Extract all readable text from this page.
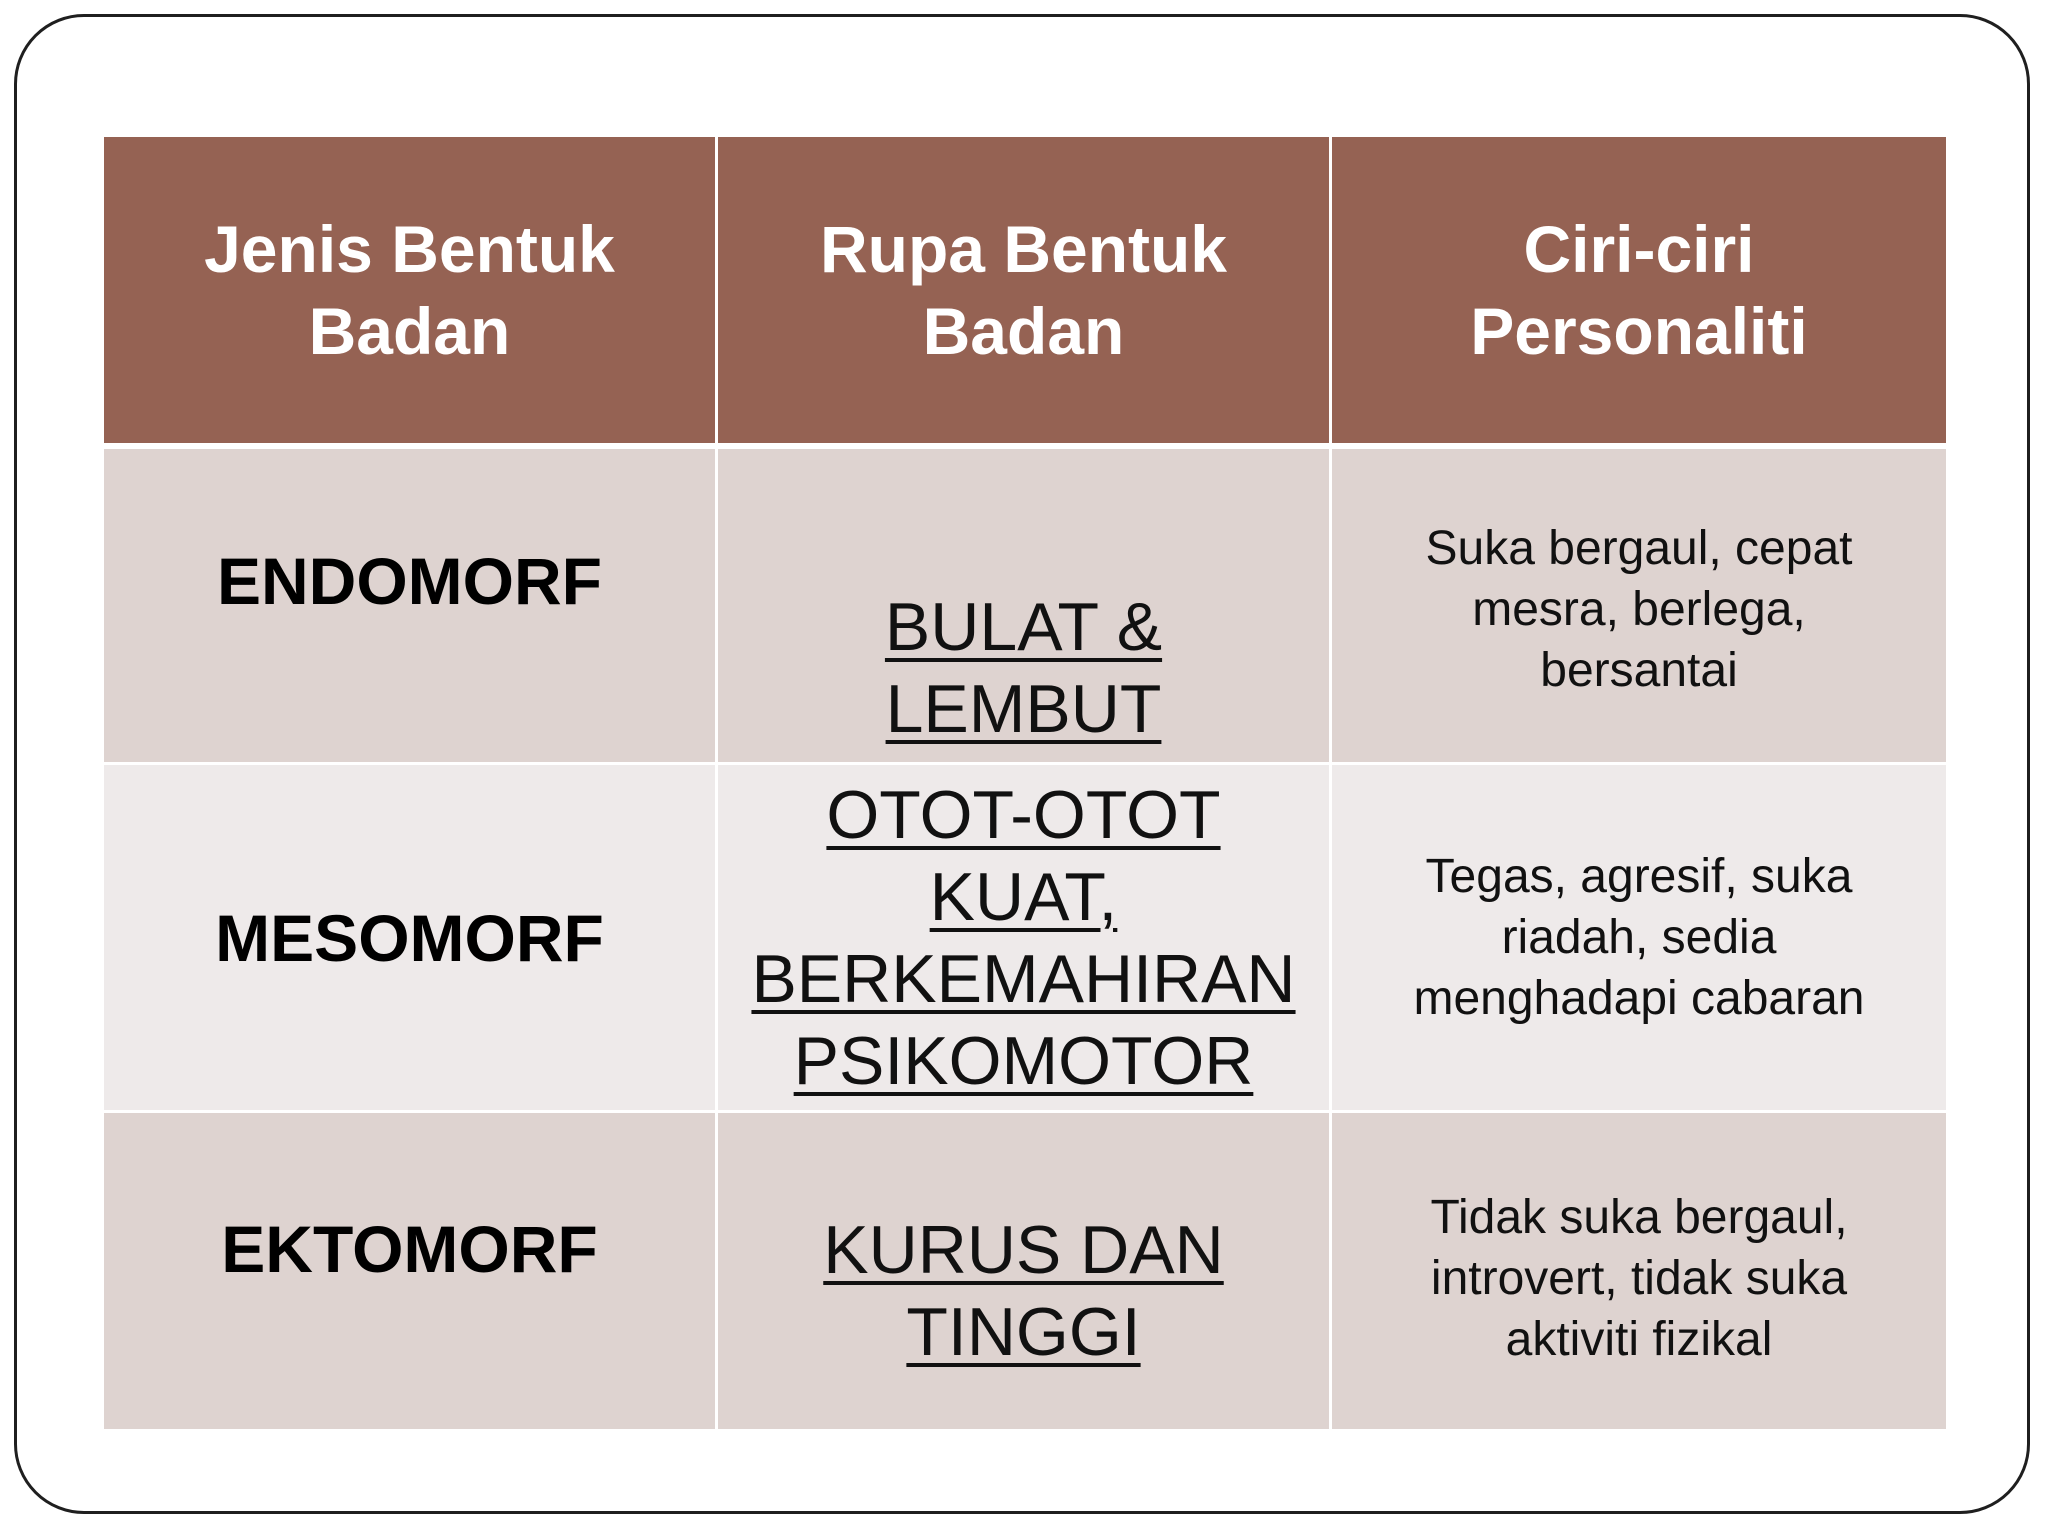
Jenis Bentuk
Badan
Rupa Bentuk
Badan
Ciri-ciri
Personaliti
ENDOMORF
BULAT &
LEMBUT
Suka bergaul, cepat
mesra, berlega,
bersantai
MESOMORF
OTOT-OTOT
KUAT,
BERKEMAHIRAN
PSIKOMOTOR
Tegas, agresif, suka
riadah, sedia
menghadapi cabaran
EKTOMORF	KURUS DAN
TINGGI
Tidak suka bergaul,
introvert, tidak suka
aktiviti fizikal
